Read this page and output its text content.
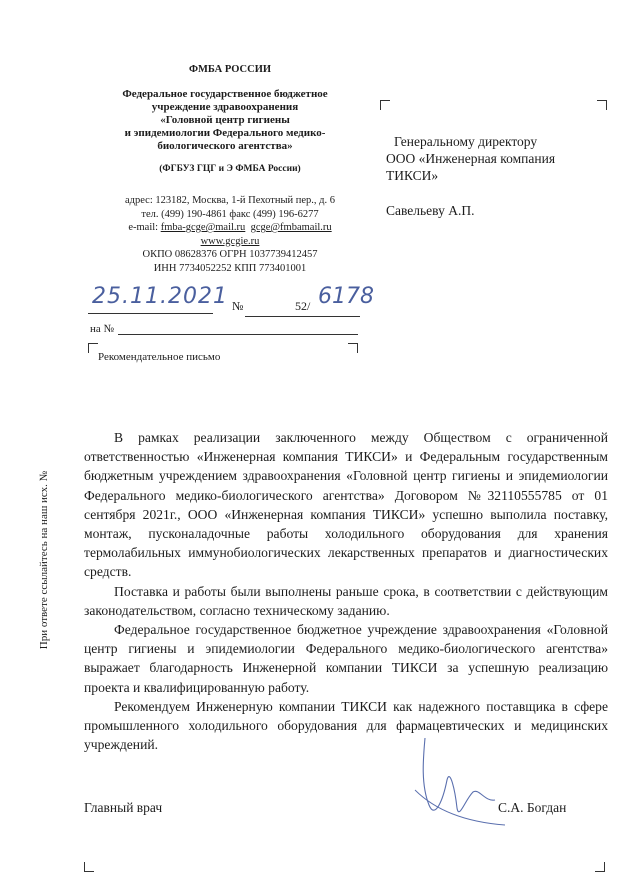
ФМБА РОССИИ
Федеральное государственное бюджетное
учреждение здравоохранения
«Головной центр гигиены
и эпидемиологии Федерального медико-
биологического агентства»
(ФГБУЗ ГЦГ и Э ФМБА России)
адрес: 123182, Москва, 1-й Пехотный пер., д. 6
тел. (499) 190-4861 факс (499) 196-6277
e-mail: fmba-gcge@mail.ru gcge@fmbamail.ru
www.gcgie.ru
ОКПО 08628376 ОГРН 1037739412457
ИНН 7734052252 КПП 773401001
25.11.2021 №	52/ 6178
на №
Рекомендательное письмо
Генеральному директору
ООО «Инженерная компания
ТИКСИ»
Савельеву А.П.
При ответе ссылайтесь на наш исх. №

В рамках реализации заключенного между Обществом с ограниченной ответственностью «Инженерная компания ТИКСИ» и Федеральным государственным бюджетным учреждением здравоохранения «Головной центр гигиены и эпидемиологии Федерального медико-биологического агентства» Договором №32110555785 от 01 сентября 2021г., ООО «Инженерная компания ТИКСИ» успешно выполила поставку, монтаж, пусконаладочные работы холодильного оборудования для хранения термолабильных иммунобиологических лекарственных препаратов и диагностических средств.

Поставка и работы были выполнены раньше срока, в соответствии с действующим законодательством, согласно техническому заданию.

Федеральное государственное бюджетное учреждение здравоохранения «Головной центр гигиены и эпидемиологии Федерального медико-биологического агентства» выражает благодарность Инженерной компании ТИКСИ за успешную реализацию проекта и квалифицированную работу.

Рекомендуем Инженерную компании ТИКСИ как надежного поставщика в сфере промышленного холодильного оборудования для фармацевтических и медицинских учреждений.

Главный врач	С.А. Богдан
